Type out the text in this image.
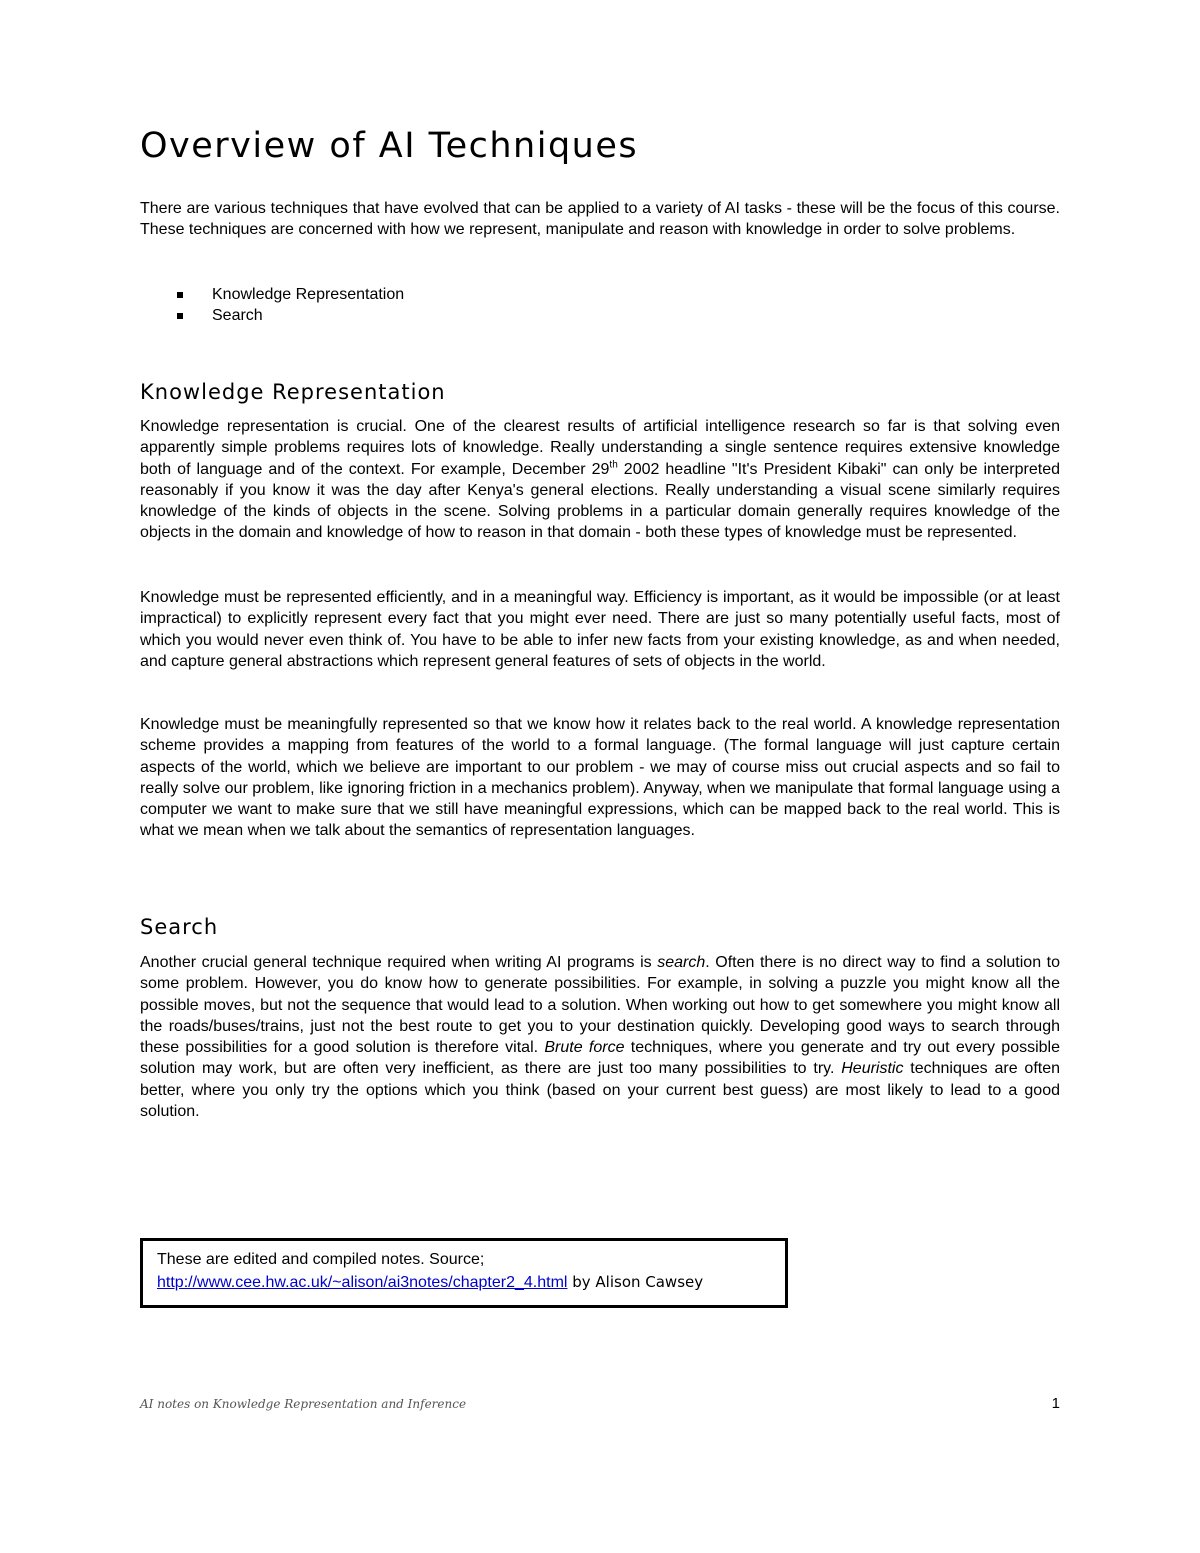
Overview of AI Techniques

There are various techniques that have evolved that can be applied to a variety of AI tasks - these will be the focus of this course. These techniques are concerned with how we represent, manipulate and reason with knowledge in order to solve problems.

Knowledge Representation
Search
Knowledge Representation

Knowledge representation is crucial. One of the clearest results of artificial intelligence research so far is that solving even apparently simple problems requires lots of knowledge. Really understanding a single sentence requires extensive knowledge both of language and of the context. For example, December 29th 2002 headline "It's President Kibaki" can only be interpreted reasonably if you know it was the day after Kenya's general elections. Really understanding a visual scene similarly requires knowledge of the kinds of objects in the scene. Solving problems in a particular domain generally requires knowledge of the objects in the domain and knowledge of how to reason in that domain - both these types of knowledge must be represented.

Knowledge must be represented efficiently, and in a meaningful way. Efficiency is important, as it would be impossible (or at least impractical) to explicitly represent every fact that you might ever need. There are just so many potentially useful facts, most of which you would never even think of. You have to be able to infer new facts from your existing knowledge, as and when needed, and capture general abstractions which represent general features of sets of objects in the world.

Knowledge must be meaningfully represented so that we know how it relates back to the real world. A knowledge representation scheme provides a mapping from features of the world to a formal language. (The formal language will just capture certain aspects of the world, which we believe are important to our problem - we may of course miss out crucial aspects and so fail to really solve our problem, like ignoring friction in a mechanics problem). Anyway, when we manipulate that formal language using a computer we want to make sure that we still have meaningful expressions, which can be mapped back to the real world. This is what we mean when we talk about the semantics of representation languages.

Search

Another crucial general technique required when writing AI programs is search. Often there is no direct way to find a solution to some problem. However, you do know how to generate possibilities. For example, in solving a puzzle you might know all the possible moves, but not the sequence that would lead to a solution. When working out how to get somewhere you might know all the roads/buses/trains, just not the best route to get you to your destination quickly. Developing good ways to search through these possibilities for a good solution is therefore vital. Brute force techniques, where you generate and try out every possible solution may work, but are often very inefficient, as there are just too many possibilities to try. Heuristic techniques are often better, where you only try the options which you think (based on your current best guess) are most likely to lead to a good solution.

These are edited and compiled notes. Source;
http://www.cee.hw.ac.uk/~alison/ai3notes/chapter2_4.html by Alison Cawsey
AI notes on Knowledge Representation and Inference	1
